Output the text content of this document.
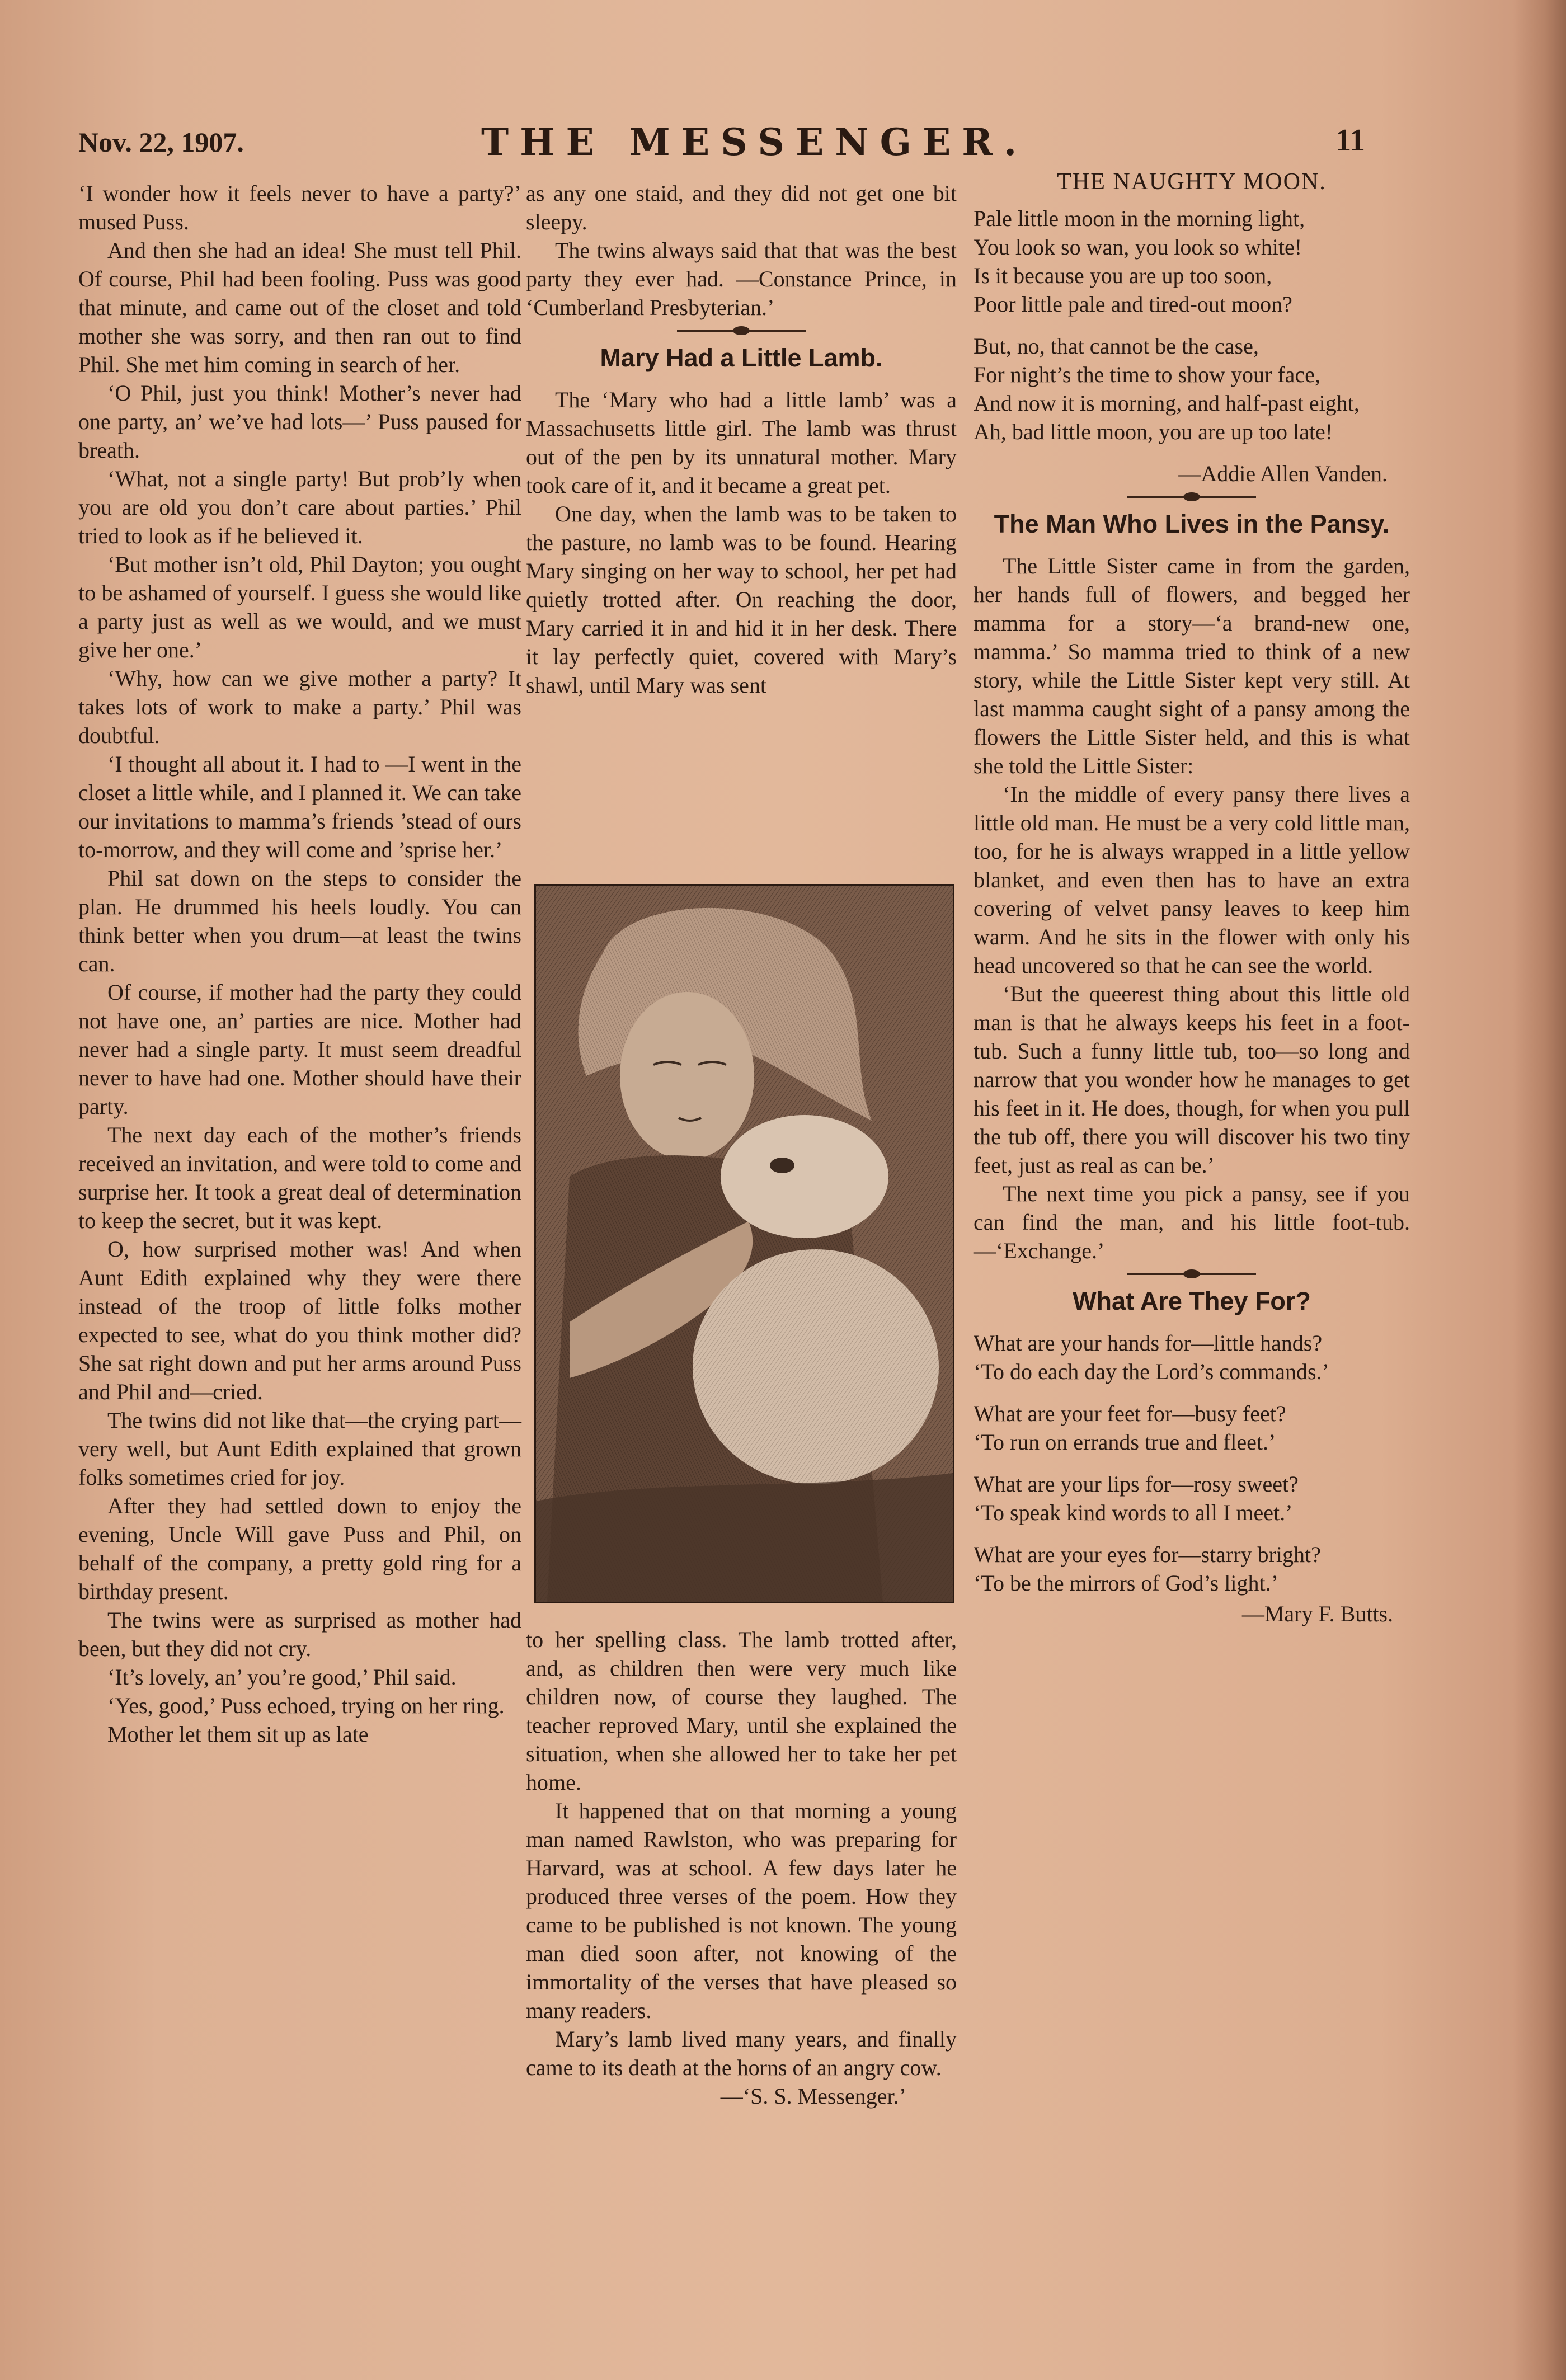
Nov. 22, 1907.	THE MESSENGER.	11

‘I wonder how it feels never to have a party?’ mused Puss.

And then she had an idea! She must tell Phil. Of course, Phil had been fooling. Puss was good that minute, and came out of the closet and told mother she was sorry, and then ran out to find Phil. She met him coming in search of her.

‘O Phil, just you think! Mother’s never had one party, an’ we’ve had lots—’ Puss paused for breath.

‘What, not a single party! But prob’ly when you are old you don’t care about parties.’ Phil tried to look as if he believed it.

‘But mother isn’t old, Phil Dayton; you ought to be ashamed of yourself. I guess she would like a party just as well as we would, and we must give her one.’

‘Why, how can we give mother a party? It takes lots of work to make a party.’ Phil was doubtful.

‘I thought all about it. I had to —I went in the closet a little while, and I planned it. We can take our invitations to mamma’s friends ’stead of ours to-morrow, and they will come and ’sprise her.’

Phil sat down on the steps to consider the plan. He drummed his heels loudly. You can think better when you drum—at least the twins can.

Of course, if mother had the party they could not have one, an’ parties are nice. Mother had never had a single party. It must seem dreadful never to have had one. Mother should have their party.

The next day each of the mother’s friends received an invitation, and were told to come and surprise her. It took a great deal of determination to keep the secret, but it was kept.

O, how surprised mother was! And when Aunt Edith explained why they were there instead of the troop of little folks mother expected to see, what do you think mother did? She sat right down and put her arms around Puss and Phil and—cried.

The twins did not like that—the crying part—very well, but Aunt Edith explained that grown folks sometimes cried for joy.

After they had settled down to enjoy the evening, Uncle Will gave Puss and Phil, on behalf of the company, a pretty gold ring for a birthday present.

The twins were as surprised as mother had been, but they did not cry.

‘It’s lovely, an’ you’re good,’ Phil said.

‘Yes, good,’ Puss echoed, trying on her ring.

Mother let them sit up as late

as any one staid, and they did not get one bit sleepy.

The twins always said that that was the best party they ever had. —Constance Prince, in ‘Cumberland Presbyterian.’

Mary Had a Little Lamb.

The ‘Mary who had a little lamb’ was a Massachusetts little girl. The lamb was thrust out of the pen by its unnatural mother. Mary took care of it, and it became a great pet.

One day, when the lamb was to be taken to the pasture, no lamb was to be found. Hearing Mary singing on her way to school, her pet had quietly trotted after. On reaching the door, Mary carried it in and hid it in her desk. There it lay perfectly quiet, covered with Mary’s shawl, until Mary was sent

to her spelling class. The lamb trotted after, and, as children then were very much like children now, of course they laughed. The teacher reproved Mary, until she explained the situation, when she allowed her to take her pet home.

It happened that on that morning a young man named Rawlston, who was preparing for Harvard, was at school. A few days later he produced three verses of the poem. How they came to be published is not known. The young man died soon after, not knowing of the immortality of the verses that have pleased so many readers.

Mary’s lamb lived many years, and finally came to its death at the horns of an angry cow.

—‘S. S. Messenger.’

THE NAUGHTY MOON.
Pale little moon in the morning light,
You look so wan, you look so white!
Is it because you are up too soon,
Poor little pale and tired-out moon?
But, no, that cannot be the case,
For night’s the time to show your face,
And now it is morning, and half-past eight,
Ah, bad little moon, you are up too late!

—Addie Allen Vanden.

The Man Who Lives in the Pansy.

The Little Sister came in from the garden, her hands full of flowers, and begged her mamma for a story—‘a brand-new one, mamma.’ So mamma tried to think of a new story, while the Little Sister kept very still. At last mamma caught sight of a pansy among the flowers the Little Sister held, and this is what she told the Little Sister:

‘In the middle of every pansy there lives a little old man. He must be a very cold little man, too, for he is always wrapped in a little yellow blanket, and even then has to have an extra covering of velvet pansy leaves to keep him warm. And he sits in the flower with only his head uncovered so that he can see the world.

‘But the queerest thing about this little old man is that he always keeps his feet in a foot-tub. Such a funny little tub, too—so long and narrow that you wonder how he manages to get his feet in it. He does, though, for when you pull the tub off, there you will discover his two tiny feet, just as real as can be.’

The next time you pick a pansy, see if you can find the man, and his little foot-tub.—‘Exchange.’

What Are They For?
What are your hands for—little hands?
‘To do each day the Lord’s commands.’
What are your feet for—busy feet?
‘To run on errands true and fleet.’
What are your lips for—rosy sweet?
‘To speak kind words to all I meet.’
What are your eyes for—starry bright?
‘To be the mirrors of God’s light.’

—Mary F. Butts.
